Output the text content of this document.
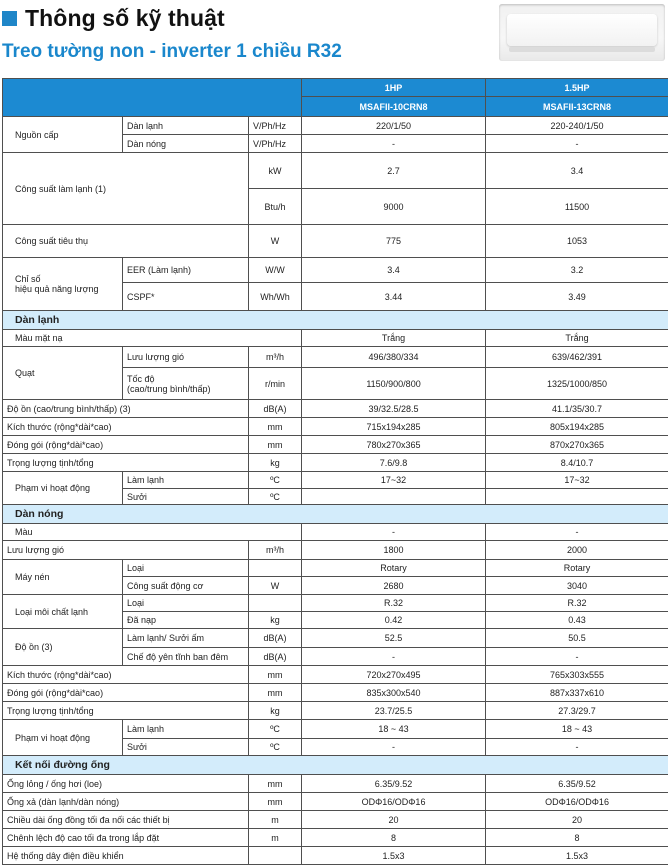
Thông số kỹ thuật
Treo tường non - inverter 1 chiều R32
			1HP	1.5HP
			MSAFII-10CRN8	MSAFII-13CRN8
Nguồn cấp	Dàn lạnh	V/Ph/Hz	220/1/50	220-240/1/50
	Dàn nóng	V/Ph/Hz	-	-
Công suất làm lạnh (1)		kW	2.7	3.4
		Btu/h	9000	11500
Công suất tiêu thụ		W	775	1053
Chỉ số
hiệu quả năng lượng	EER (Làm lạnh)	W/W	3.4	3.2
	CSPF*	Wh/Wh	3.44	3.49
Dàn lạnh				
Màu mặt nạ			Trắng	Trắng
Quạt	Lưu lượng gió	m³/h	496/380/334	639/462/391
	Tốc độ
(cao/trung bình/thấp)	r/min	1150/900/800	1325/1000/850
Độ ồn (cao/trung bình/thấp) (3)		dB(A)	39/32.5/28.5	41.1/35/30.7
Kích thước (rộng*dài*cao)		mm	715x194x285	805x194x285
Đóng gói (rộng*dài*cao)		mm	780x270x365	870x270x365
Trọng lượng tịnh/tổng		kg	7.6/9.8	8.4/10.7
Phạm vi hoạt động	Làm lạnh	ºC	17~32	17~32
	Sưởi	ºC		
Dàn nóng				
Màu			-	-
Lưu lượng gió		m³/h	1800	2000
Máy nén	Loại		Rotary	Rotary
	Công suất động cơ	W	2680	3040
Loại môi chất lạnh	Loại		R.32	R.32
	Đã nạp	kg	0.42	0.43
Độ ồn (3)	Làm lạnh/ Sưởi ấm	dB(A)	52.5	50.5
	Chế độ yên tĩnh ban đêm	dB(A)	-	-
Kích thước (rộng*dài*cao)		mm	720x270x495	765x303x555
Đóng gói (rộng*dài*cao)		mm	835x300x540	887x337x610
Trọng lượng tịnh/tổng		kg	23.7/25.5	27.3/29.7
Phạm vi hoạt động	Làm lạnh	ºC	18 ~ 43	18 ~ 43
	Sưởi	ºC	-	-
Kết nối đường ống				
Ống lỏng / ống hơi (loe)		mm	6.35/9.52	6.35/9.52
Ống xả (dàn lạnh/dàn nóng)		mm	ODΦ16/ODΦ16	ODΦ16/ODΦ16
Chiều dài ống đồng tối đa nối các thiết bị		m	20	20
Chênh lệch độ cao tối đa trong lắp đặt		m	8	8
Hệ thống dây điện điều khiển			1.5x3	1.5x3
